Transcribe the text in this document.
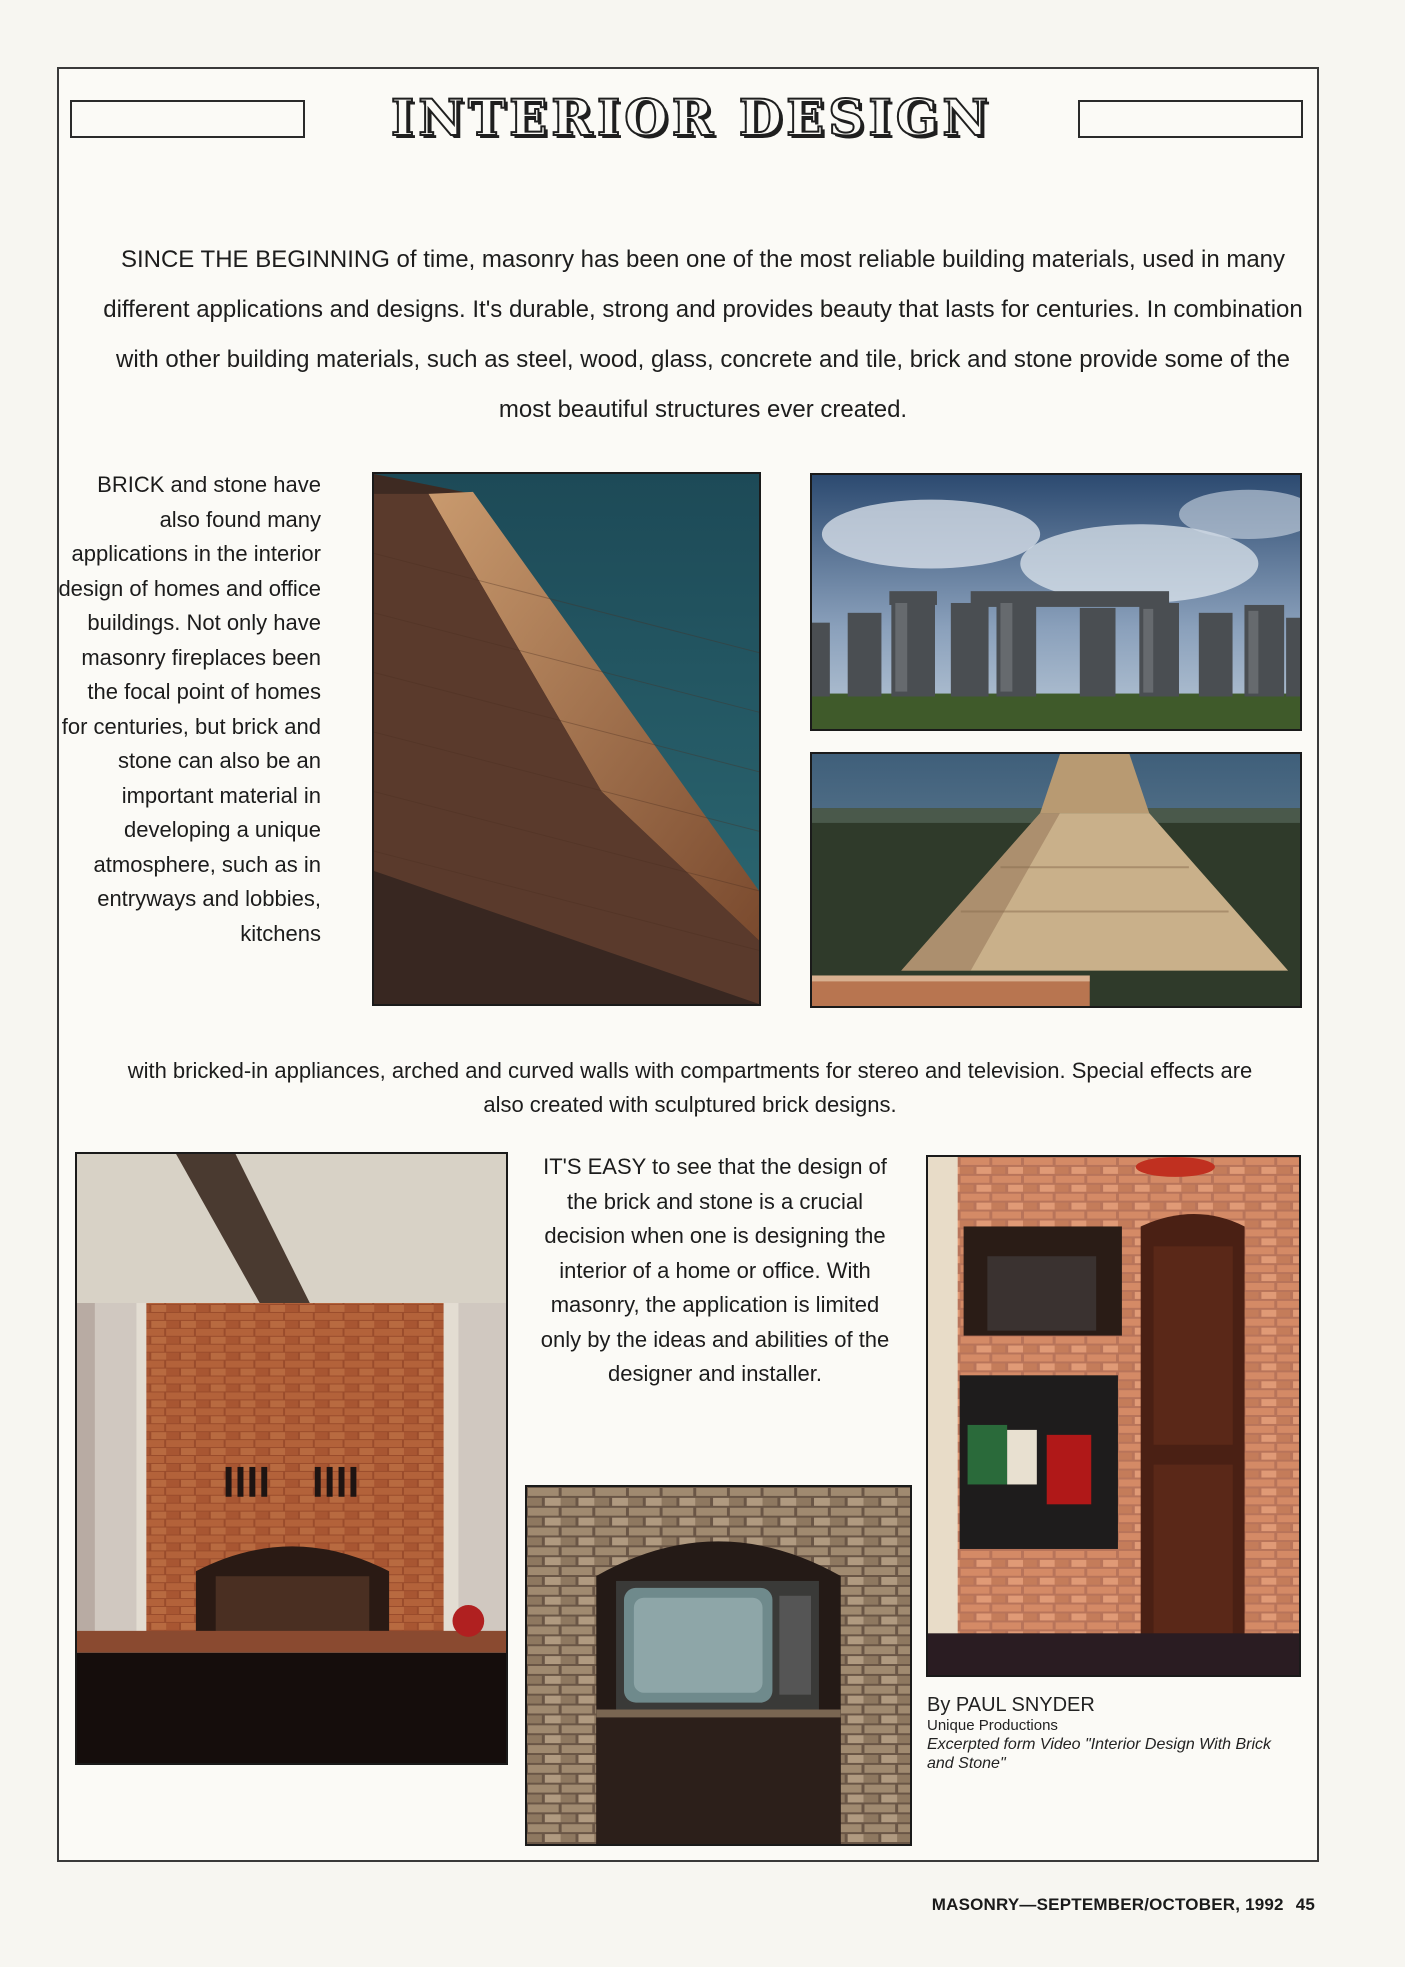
INTERIOR DESIGN

SINCE THE BEGINNING of time, masonry has been one of the most reliable building materials, used in many different applications and designs. It's durable, strong and provides beauty that lasts for centuries. In combination with other building materials, such as steel, wood, glass, concrete and tile, brick and stone provide some of the most beautiful structures ever created.

BRICK and stone have also found many applications in the interior design of homes and office buildings. Not only have masonry fireplaces been the focal point of homes for centuries, but brick and stone can also be an important material in developing a unique atmosphere, such as in entryways and lobbies, kitchens

with bricked-in appliances, arched and curved walls with compartments for stereo and television. Special effects are also created with sculptured brick designs.

IT'S EASY to see that the design of the brick and stone is a crucial decision when one is designing the interior of a home or office. With masonry, the application is limited only by the ideas and abilities of the designer and installer.

By PAUL SNYDER
Unique Productions
Excerpted form Video "Interior Design With Brick and Stone"
MASONRY—SEPTEMBER/OCTOBER, 1992 45
